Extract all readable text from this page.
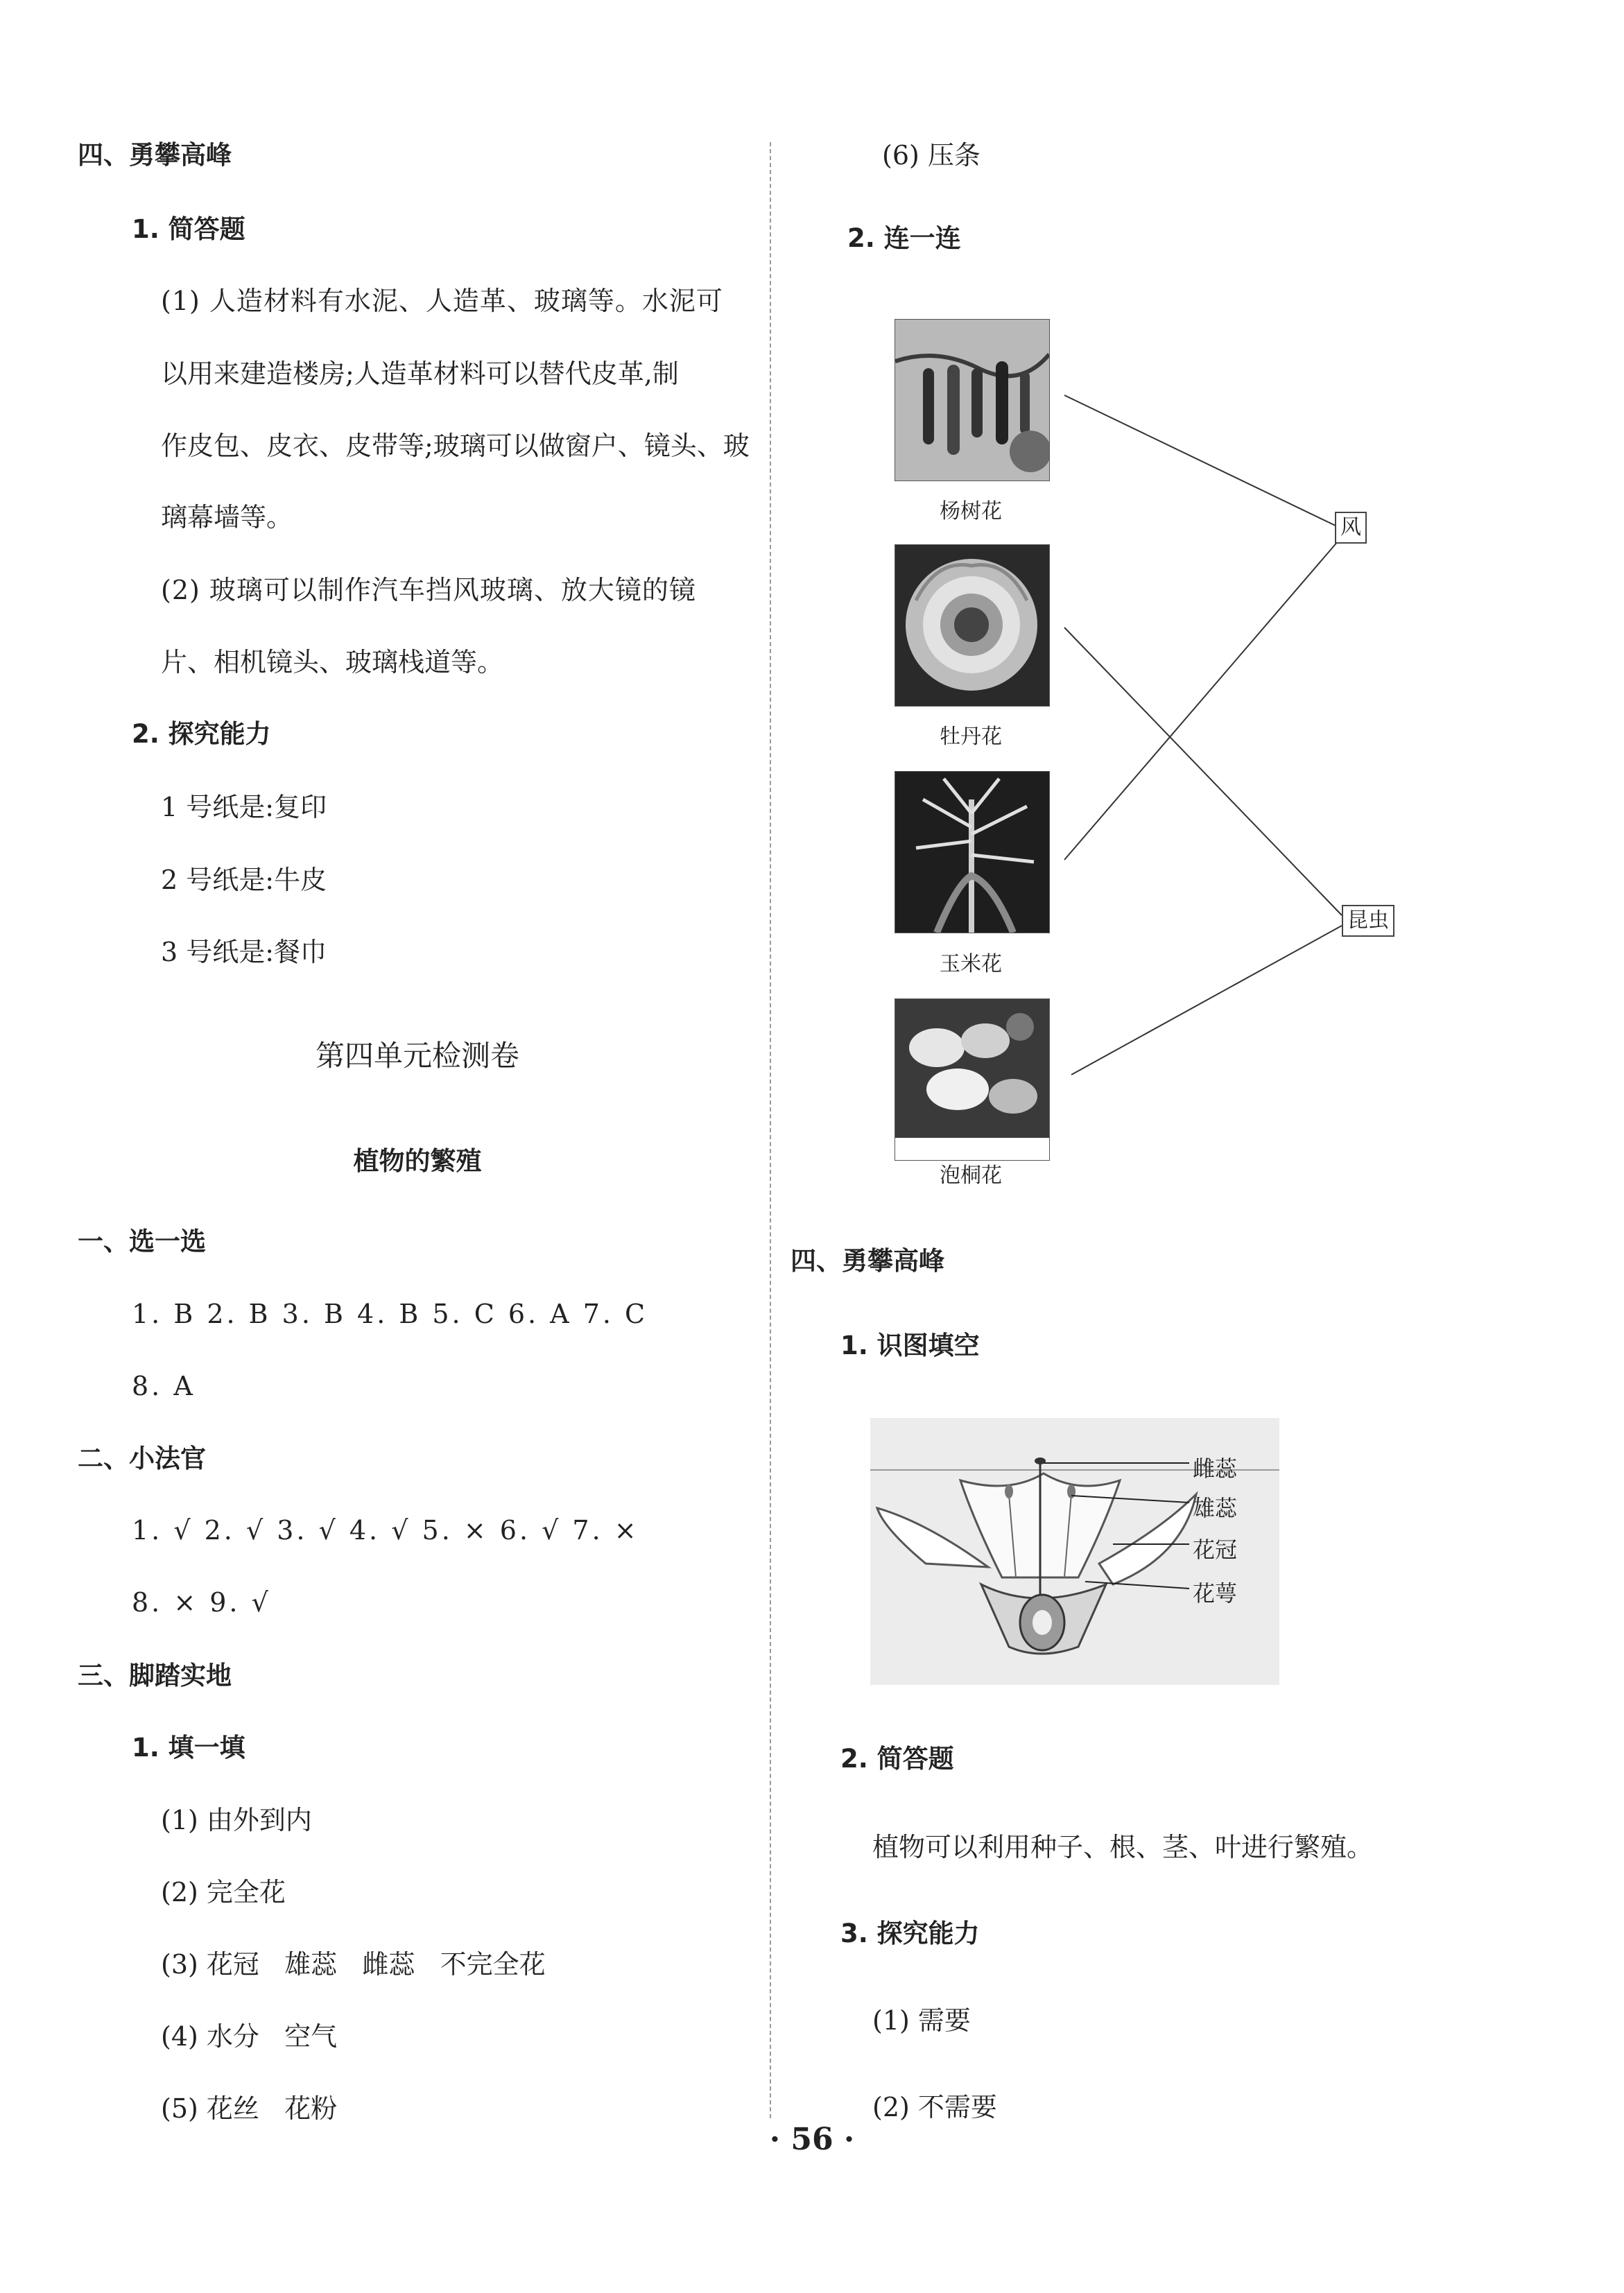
四、勇攀高峰
1. 简答题
(1) 人造材料有水泥、人造革、玻璃等。水泥可
以用来建造楼房;人造革材料可以替代皮革,制
作皮包、皮衣、皮带等;玻璃可以做窗户、镜头、玻
璃幕墙等。
(2) 玻璃可以制作汽车挡风玻璃、放大镜的镜
片、相机镜头、玻璃栈道等。
2. 探究能力
1 号纸是:复印
2 号纸是:牛皮
3 号纸是:餐巾
第四单元检测卷
植物的繁殖
一、选一选
1. B 2. B 3. B 4. B 5. C 6. A 7. C
8. A
二、小法官
1. √ 2. √ 3. √ 4. √ 5. × 6. √ 7. ×
8. × 9. √
三、脚踏实地
1. 填一填
(1) 由外到内
(2) 完全花
(3) 花冠   雄蕊   雌蕊   不完全花
(4) 水分   空气
(5) 花丝   花粉
(6) 压条
2. 连一连
杨树花
牡丹花
玉米花
泡桐花
风
昆虫
四、勇攀高峰
1. 识图填空
雌蕊
雄蕊
花冠
花萼
2. 简答题
植物可以利用种子、根、茎、叶进行繁殖。
3. 探究能力
(1) 需要
(2) 不需要
· 56 ·
